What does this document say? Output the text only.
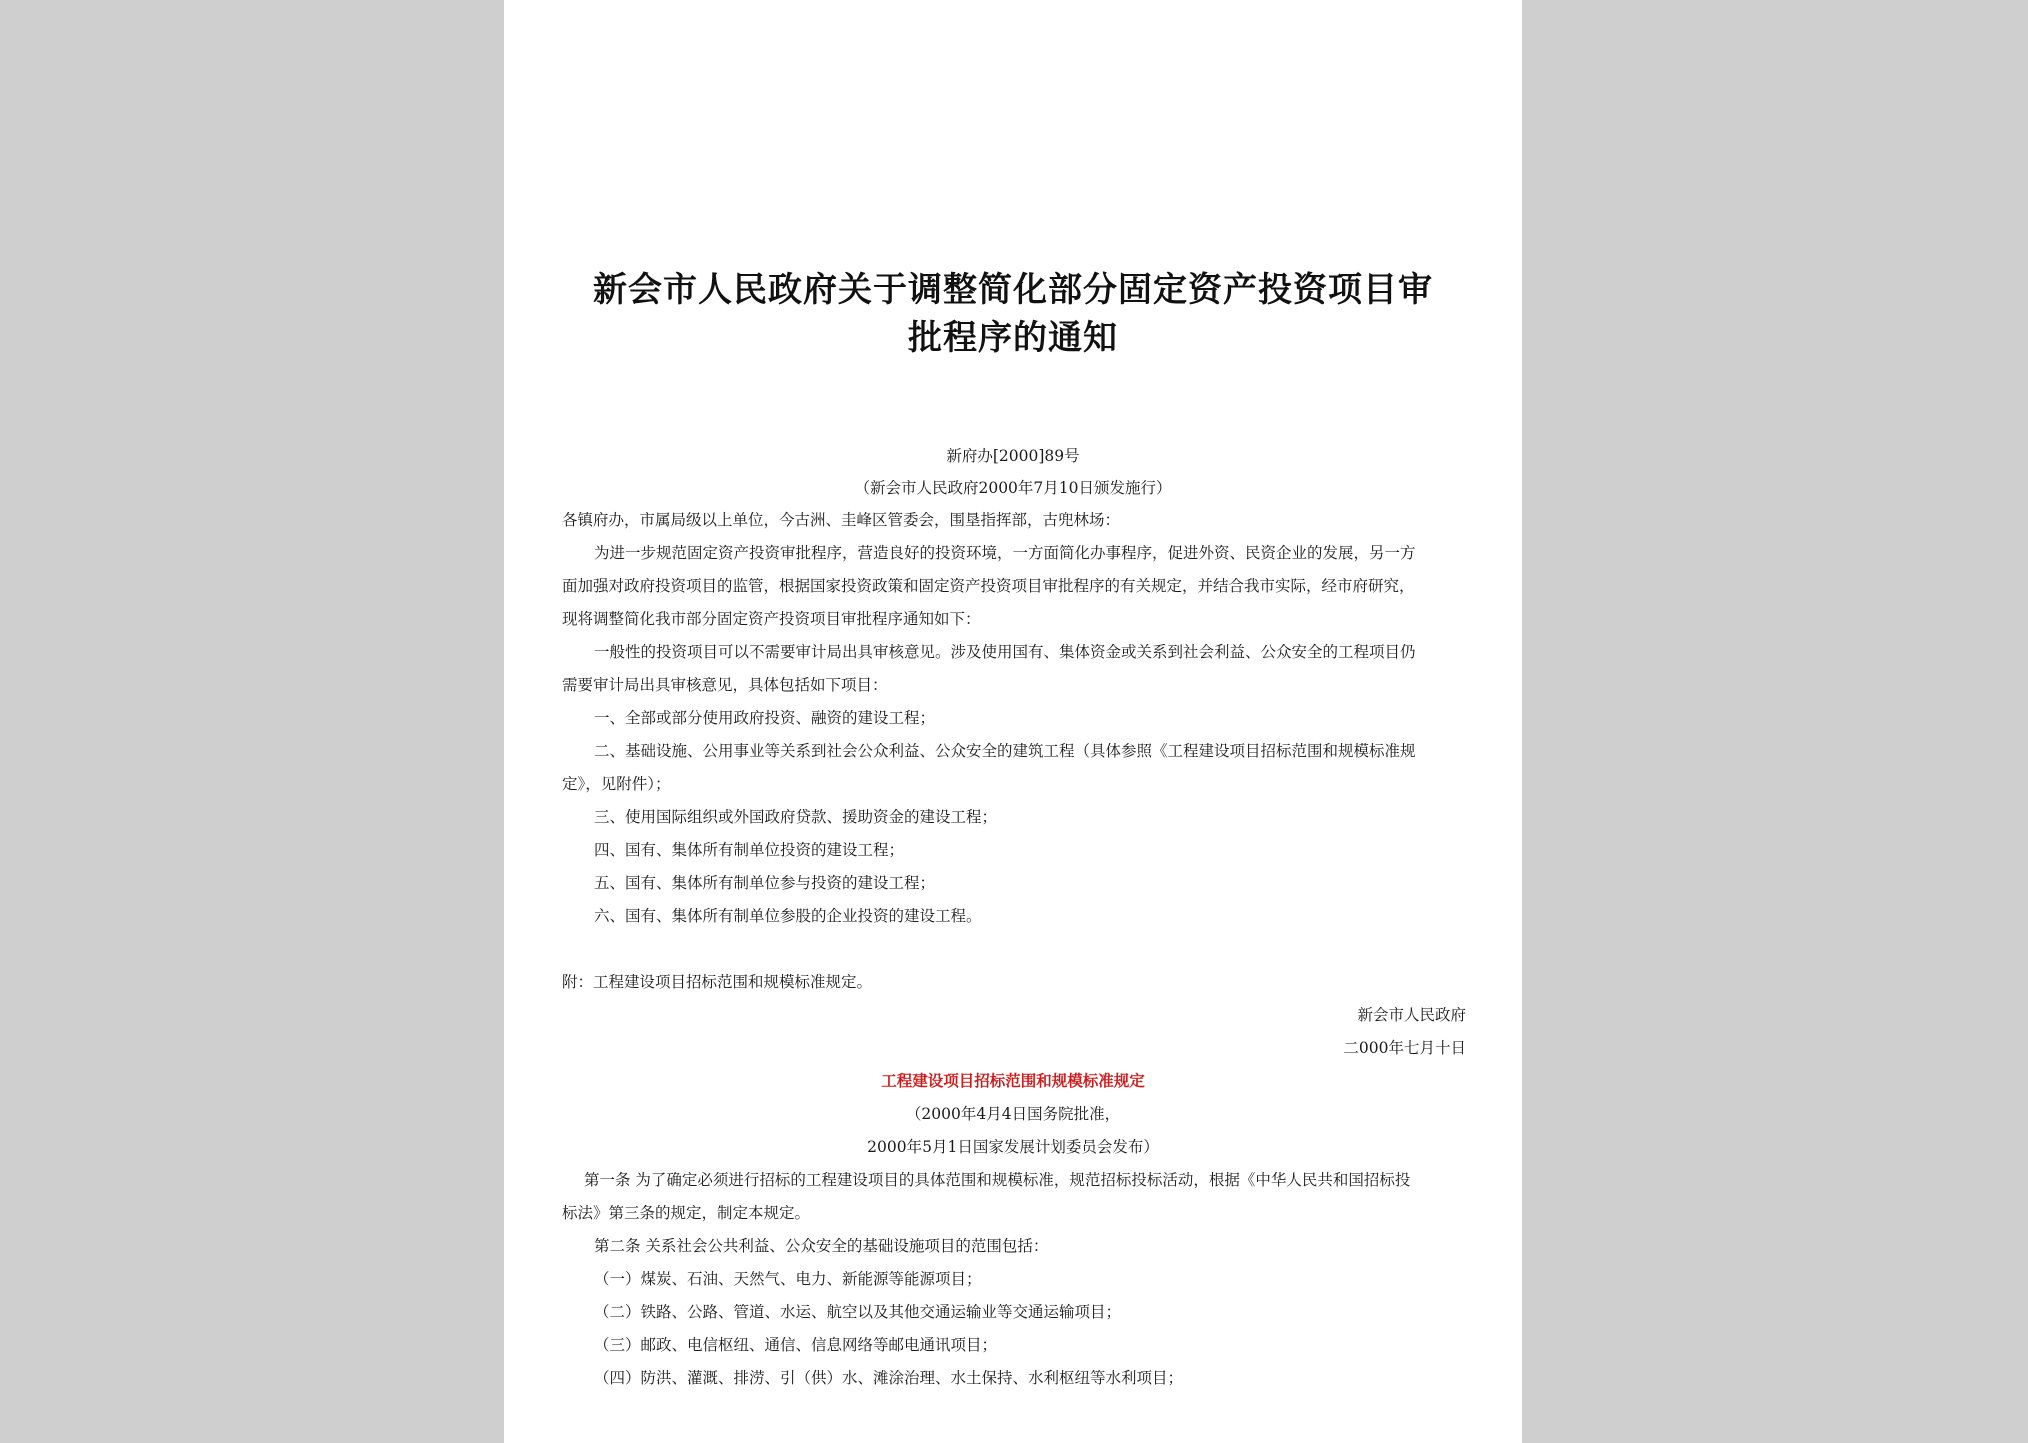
新会市人民政府关于调整简化部分固定资产投资项目审
批程序的通知
新府办[2000]89号
（新会市人民政府2000年7月10日颁发施行）
各镇府办，市属局级以上单位，今古洲、圭峰区管委会，围垦指挥部，古兜林场：
为进一步规范固定资产投资审批程序，营造良好的投资环境，一方面简化办事程序，促进外资、民资企业的发展，另一方
面加强对政府投资项目的监管，根据国家投资政策和固定资产投资项目审批程序的有关规定，并结合我市实际，经市府研究，
现将调整简化我市部分固定资产投资项目审批程序通知如下：
一般性的投资项目可以不需要审计局出具审核意见。涉及使用国有、集体资金或关系到社会利益、公众安全的工程项目仍
需要审计局出具审核意见，具体包括如下项目：
一、全部或部分使用政府投资、融资的建设工程；
二、基础设施、公用事业等关系到社会公众利益、公众安全的建筑工程（具体参照《工程建设项目招标范围和规模标准规
定》，见附件）；
三、使用国际组织或外国政府贷款、援助资金的建设工程；
四、国有、集体所有制单位投资的建设工程；
五、国有、集体所有制单位参与投资的建设工程；
六、国有、集体所有制单位参股的企业投资的建设工程。
附：工程建设项目招标范围和规模标准规定。
新会市人民政府
二000年七月十日
工程建设项目招标范围和规模标准规定
（2000年4月4日国务院批准，
2000年5月1日国家发展计划委员会发布）
第一条 为了确定必须进行招标的工程建设项目的具体范围和规模标准，规范招标投标活动，根据《中华人民共和国招标投
标法》第三条的规定，制定本规定。
第二条 关系社会公共利益、公众安全的基础设施项目的范围包括：
（一）煤炭、石油、天然气、电力、新能源等能源项目；
（二）铁路、公路、管道、水运、航空以及其他交通运输业等交通运输项目；
（三）邮政、电信枢纽、通信、信息网络等邮电通讯项目；
（四）防洪、灌溉、排涝、引（供）水、滩涂治理、水土保持、水利枢纽等水利项目；
